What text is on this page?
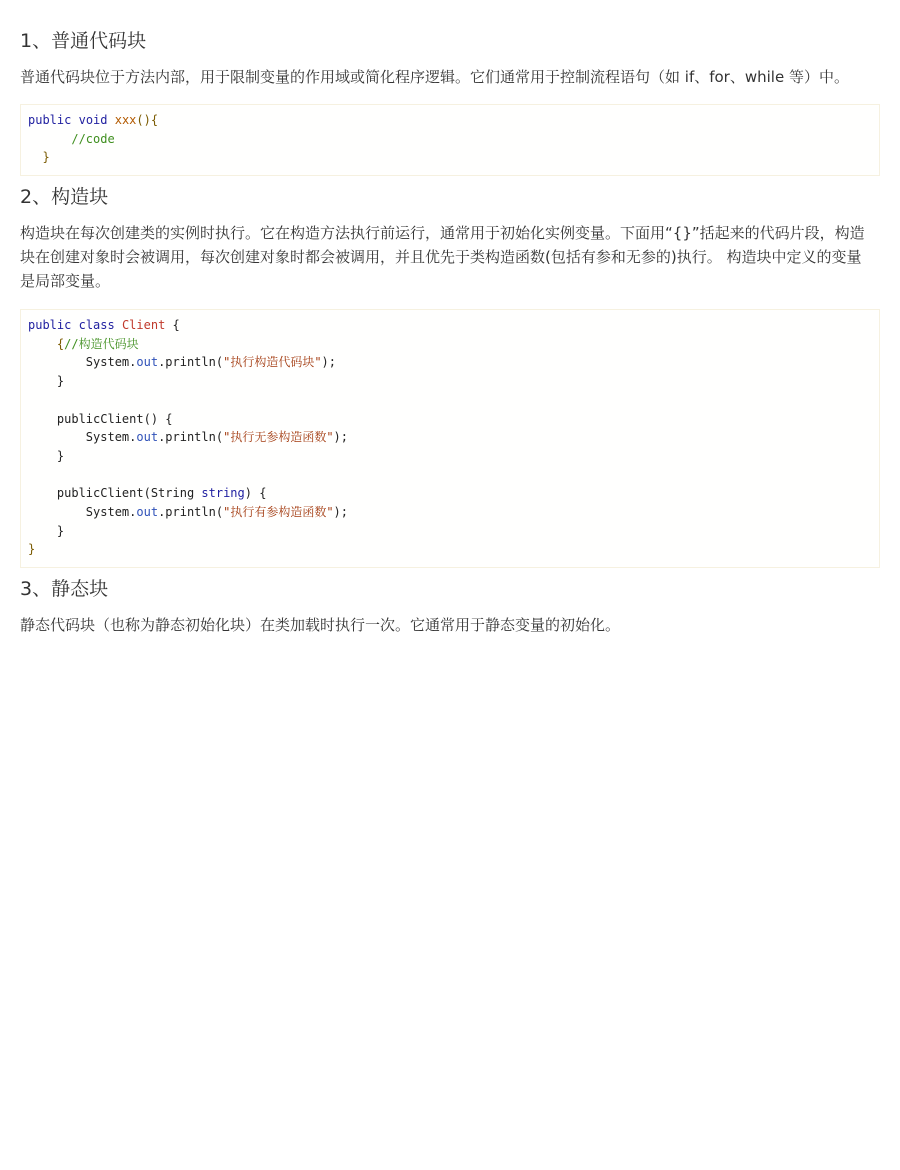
1、普通代码块

普通代码块位于方法内部，用于限制变量的作用域或简化程序逻辑。它们通常用于控制流程语句（如 if、for、while 等）中。

public void xxx(){
//code
}
2、构造块

构造块在每次创建类的实例时执行。它在构造方法执行前运行，通常用于初始化实例变量。下面用“{}”括起来的代码片段，构造块在创建对象时会被调用，每次创建对象时都会被调用，并且优先于类构造函数(包括有参和无参的)执行。 构造块中定义的变量是局部变量。

public class Client {
{//构造代码块
System.out.println("执行构造代码块");
}

publicClient() {
System.out.println("执行无参构造函数");
}

publicClient(String string) {
System.out.println("执行有参构造函数");
}
}
3、静态块

静态代码块（也称为静态初始化块）在类加载时执行一次。它通常用于静态变量的初始化。
